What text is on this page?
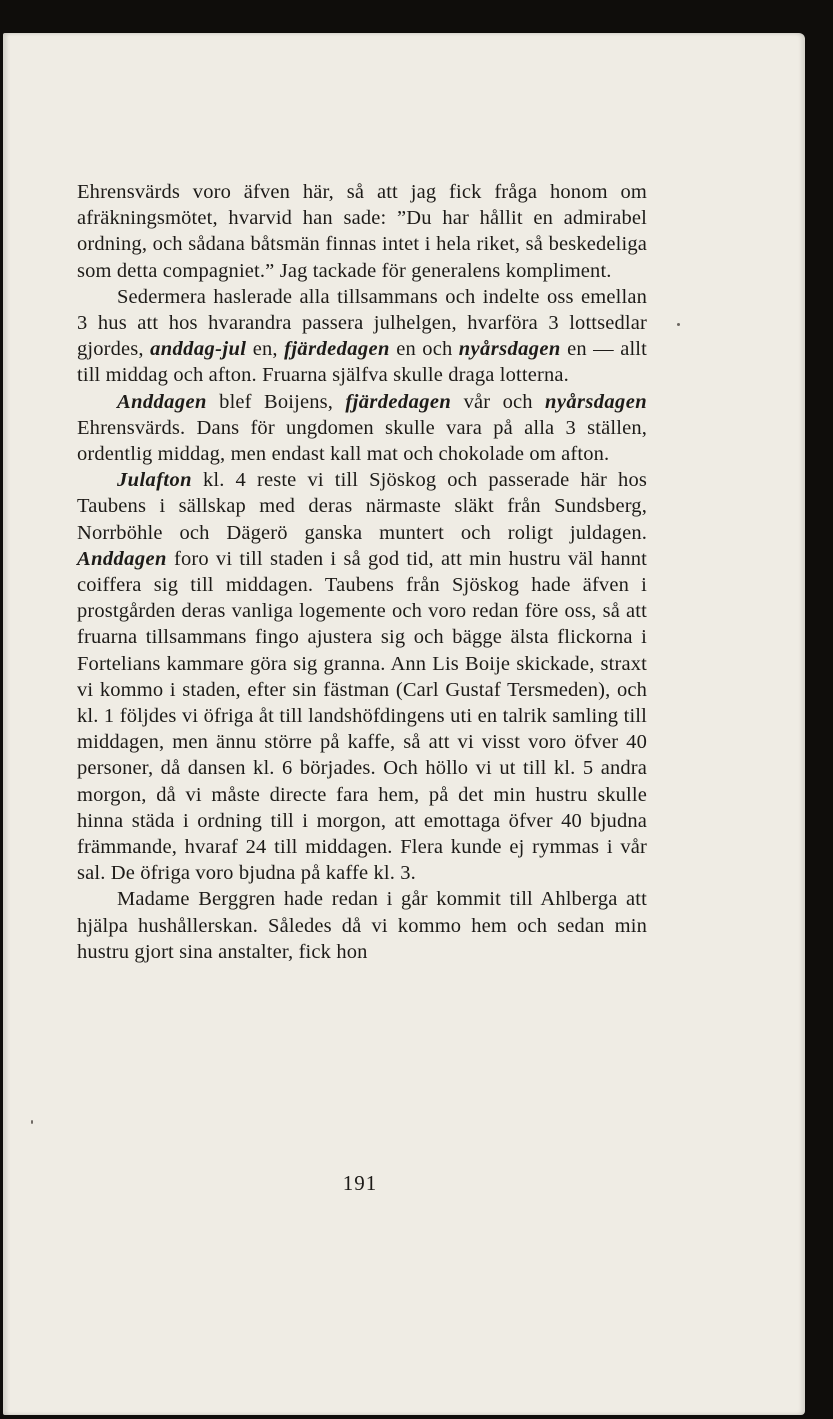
Ehrensvärds voro äfven här, så att jag fick fråga honom om afräkningsmötet, hvarvid han sade: ”Du har hållit en admirabel ordning, och sådana båtsmän finnas intet i hela riket, så beskedeliga som detta compagniet.” Jag tackade för generalens kompliment.

Sedermera haslerade alla tillsammans och indelte oss emellan 3 hus att hos hvarandra passera julhelgen, hvarföra 3 lottsedlar gjordes, anddag-jul en, fjärdedagen en och nyårsdagen en — allt till middag och afton. Fruarna själfva skulle draga lotterna.

Anddagen blef Boijens, fjärdedagen vår och nyårsdagen Ehrensvärds. Dans för ungdomen skulle vara på alla 3 ställen, ordentlig middag, men endast kall mat och chokolade om afton.

Julafton kl. 4 reste vi till Sjöskog och passerade här hos Taubens i sällskap med deras närmaste släkt från Sundsberg, Norrböhle och Dägerö ganska muntert och roligt juldagen. Anddagen foro vi till staden i så god tid, att min hustru väl hannt coiffera sig till middagen. Taubens från Sjöskog hade äfven i prostgården deras vanliga logemente och voro redan före oss, så att fruarna tillsammans fingo ajustera sig och bägge älsta flickorna i Fortelians kammare göra sig granna. Ann Lis Boije skickade, straxt vi kommo i staden, efter sin fästman (Carl Gustaf Tersmeden), och kl. 1 följdes vi öfriga åt till landshöfdingens uti en talrik samling till middagen, men ännu större på kaffe, så att vi visst voro öfver 40 personer, då dansen kl. 6 börjades. Och höllo vi ut till kl. 5 andra morgon, då vi måste directe fara hem, på det min hustru skulle hinna städa i ordning till i morgon, att emottaga öfver 40 bjudna främmande, hvaraf 24 till middagen. Flera kunde ej rymmas i vår sal. De öfriga voro bjudna på kaffe kl. 3.

Madame Berggren hade redan i går kommit till Ahlberga att hjälpa hushållerskan. Således då vi kommo hem och sedan min hustru gjort sina anstalter, fick hon

191
